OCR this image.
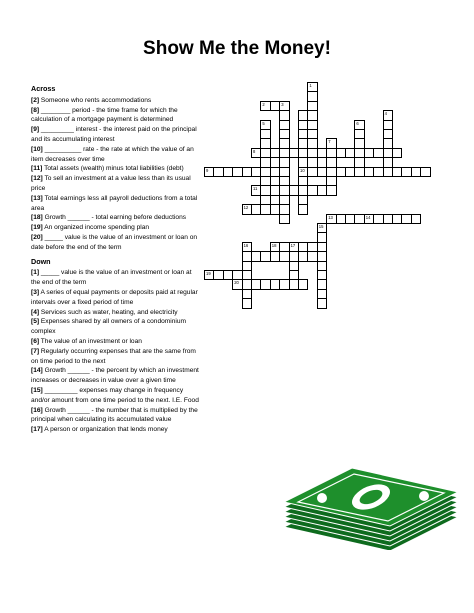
Show Me the Money!
Across
[2] Someone who rents accommodations
[8] ________ period - the time frame for which the calculation of a mortgage payment is determined
[9] _________ interest - the interest paid on the principal and its accumulating interest
[10] __________ rate - the rate at which the value of an item decreases over time
[11] Total assets (wealth) minus total liabilities (debt)
[12] To sell an investment at a value less than its usual price
[13] Total earnings less all payroll deductions from a total area
[18] Growth ______ - total earning before deductions
[19] An organized income spending plan
[20] _____ value is the value of an investment or loan on date before the end of the term
Down
[1] _____ value is the value of an investment or loan at the end of the term
[3] A series of equal payments or deposits paid at regular intervals over a fixed period of time
[4] Services such as water, heating, and electricity
[5] Expenses shared by all owners of a condominium complex
[6] The value of an investment or loan
[7] Regularly occurring expenses that are the same from on time period to the next
[14] Growth ______ - the percent by which an investment increases or decreases in value over a given time
[15] _________ expenses may change in frequency and/or amount from one time period to the next. I.E. Food
[16] Growth ______ - the number that is multiplied by the principal when calculating its accumulated value
[17] A person or organization that lends money
2	3
8
9	10
11
12
13	14
18	17
19
20
1
5
7
6
4
15
16
